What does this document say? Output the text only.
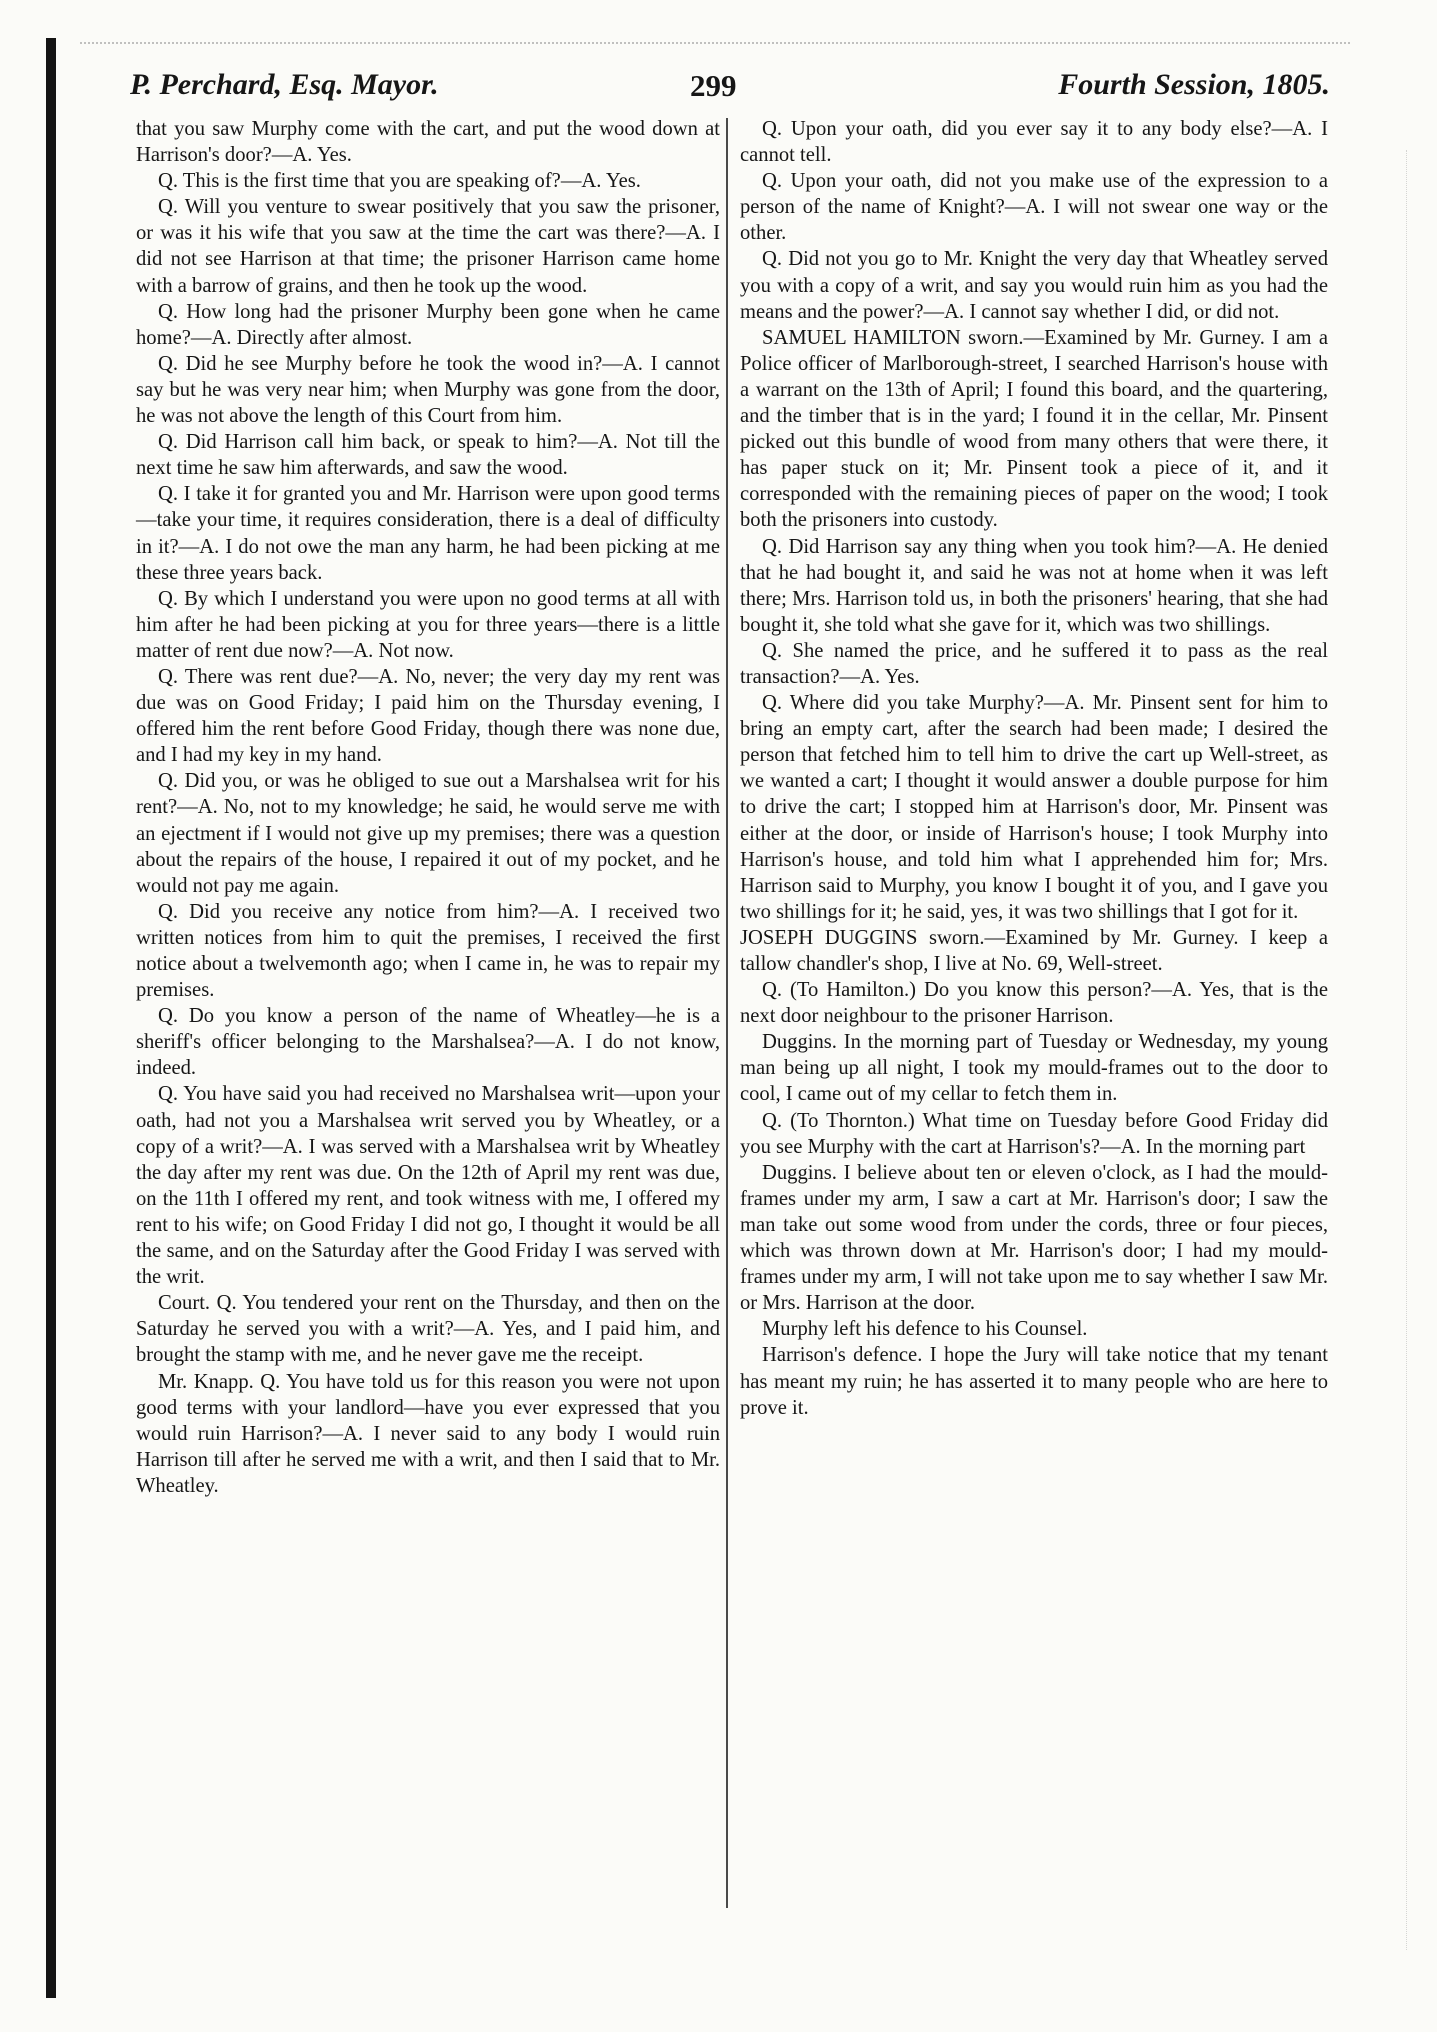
P. Perchard, Esq. Mayor.	299	Fourth Session, 1805.

that you saw Murphy come with the cart, and put the wood down at Harrison's door?—A. Yes.

Q. This is the first time that you are speaking of?—A. Yes.

Q. Will you venture to swear positively that you saw the prisoner, or was it his wife that you saw at the time the cart was there?—A. I did not see Harrison at that time; the prisoner Harrison came home with a barrow of grains, and then he took up the wood.

Q. How long had the prisoner Murphy been gone when he came home?—A. Directly after almost.

Q. Did he see Murphy before he took the wood in?—A. I cannot say but he was very near him; when Murphy was gone from the door, he was not above the length of this Court from him.

Q. Did Harrison call him back, or speak to him?—A. Not till the next time he saw him afterwards, and saw the wood.

Q. I take it for granted you and Mr. Harrison were upon good terms—take your time, it requires consideration, there is a deal of difficulty in it?—A. I do not owe the man any harm, he had been picking at me these three years back.

Q. By which I understand you were upon no good terms at all with him after he had been picking at you for three years—there is a little matter of rent due now?—A. Not now.

Q. There was rent due?—A. No, never; the very day my rent was due was on Good Friday; I paid him on the Thursday evening, I offered him the rent before Good Friday, though there was none due, and I had my key in my hand.

Q. Did you, or was he obliged to sue out a Marshalsea writ for his rent?—A. No, not to my knowledge; he said, he would serve me with an ejectment if I would not give up my premises; there was a question about the repairs of the house, I repaired it out of my pocket, and he would not pay me again.

Q. Did you receive any notice from him?—A. I received two written notices from him to quit the premises, I received the first notice about a twelvemonth ago; when I came in, he was to repair my premises.

Q. Do you know a person of the name of Wheatley—he is a sheriff's officer belonging to the Marshalsea?—A. I do not know, indeed.

Q. You have said you had received no Marshalsea writ—upon your oath, had not you a Marshalsea writ served you by Wheatley, or a copy of a writ?—A. I was served with a Marshalsea writ by Wheatley the day after my rent was due. On the 12th of April my rent was due, on the 11th I offered my rent, and took witness with me, I offered my rent to his wife; on Good Friday I did not go, I thought it would be all the same, and on the Saturday after the Good Friday I was served with the writ.

Court. Q. You tendered your rent on the Thursday, and then on the Saturday he served you with a writ?—A. Yes, and I paid him, and brought the stamp with me, and he never gave me the receipt.

Mr. Knapp. Q. You have told us for this reason you were not upon good terms with your landlord—have you ever expressed that you would ruin Harrison?—A. I never said to any body I would ruin Harrison till after he served me with a writ, and then I said that to Mr. Wheatley.

Q. Upon your oath, did you ever say it to any body else?—A. I cannot tell.

Q. Upon your oath, did not you make use of the expression to a person of the name of Knight?—A. I will not swear one way or the other.

Q. Did not you go to Mr. Knight the very day that Wheatley served you with a copy of a writ, and say you would ruin him as you had the means and the power?—A. I cannot say whether I did, or did not.

SAMUEL HAMILTON sworn.—Examined by Mr. Gurney. I am a Police officer of Marlborough-street, I searched Harrison's house with a warrant on the 13th of April; I found this board, and the quartering, and the timber that is in the yard; I found it in the cellar, Mr. Pinsent picked out this bundle of wood from many others that were there, it has paper stuck on it; Mr. Pinsent took a piece of it, and it corresponded with the remaining pieces of paper on the wood; I took both the prisoners into custody.

Q. Did Harrison say any thing when you took him?—A. He denied that he had bought it, and said he was not at home when it was left there; Mrs. Harrison told us, in both the prisoners' hearing, that she had bought it, she told what she gave for it, which was two shillings.

Q. She named the price, and he suffered it to pass as the real transaction?—A. Yes.

Q. Where did you take Murphy?—A. Mr. Pinsent sent for him to bring an empty cart, after the search had been made; I desired the person that fetched him to tell him to drive the cart up Well-street, as we wanted a cart; I thought it would answer a double purpose for him to drive the cart; I stopped him at Harrison's door, Mr. Pinsent was either at the door, or inside of Harrison's house; I took Murphy into Harrison's house, and told him what I apprehended him for; Mrs. Harrison said to Murphy, you know I bought it of you, and I gave you two shillings for it; he said, yes, it was two shillings that I got for it.

JOSEPH DUGGINS sworn.—Examined by Mr. Gurney. I keep a tallow chandler's shop, I live at No. 69, Well-street.

Q. (To Hamilton.) Do you know this person?—A. Yes, that is the next door neighbour to the prisoner Harrison.

Duggins. In the morning part of Tuesday or Wednesday, my young man being up all night, I took my mould-frames out to the door to cool, I came out of my cellar to fetch them in.

Q. (To Thornton.) What time on Tuesday before Good Friday did you see Murphy with the cart at Harrison's?—A. In the morning part

Duggins. I believe about ten or eleven o'clock, as I had the mould-frames under my arm, I saw a cart at Mr. Harrison's door; I saw the man take out some wood from under the cords, three or four pieces, which was thrown down at Mr. Harrison's door; I had my mould-frames under my arm, I will not take upon me to say whether I saw Mr. or Mrs. Harrison at the door.

Murphy left his defence to his Counsel.

Harrison's defence. I hope the Jury will take notice that my tenant has meant my ruin; he has asserted it to many people who are here to prove it.
